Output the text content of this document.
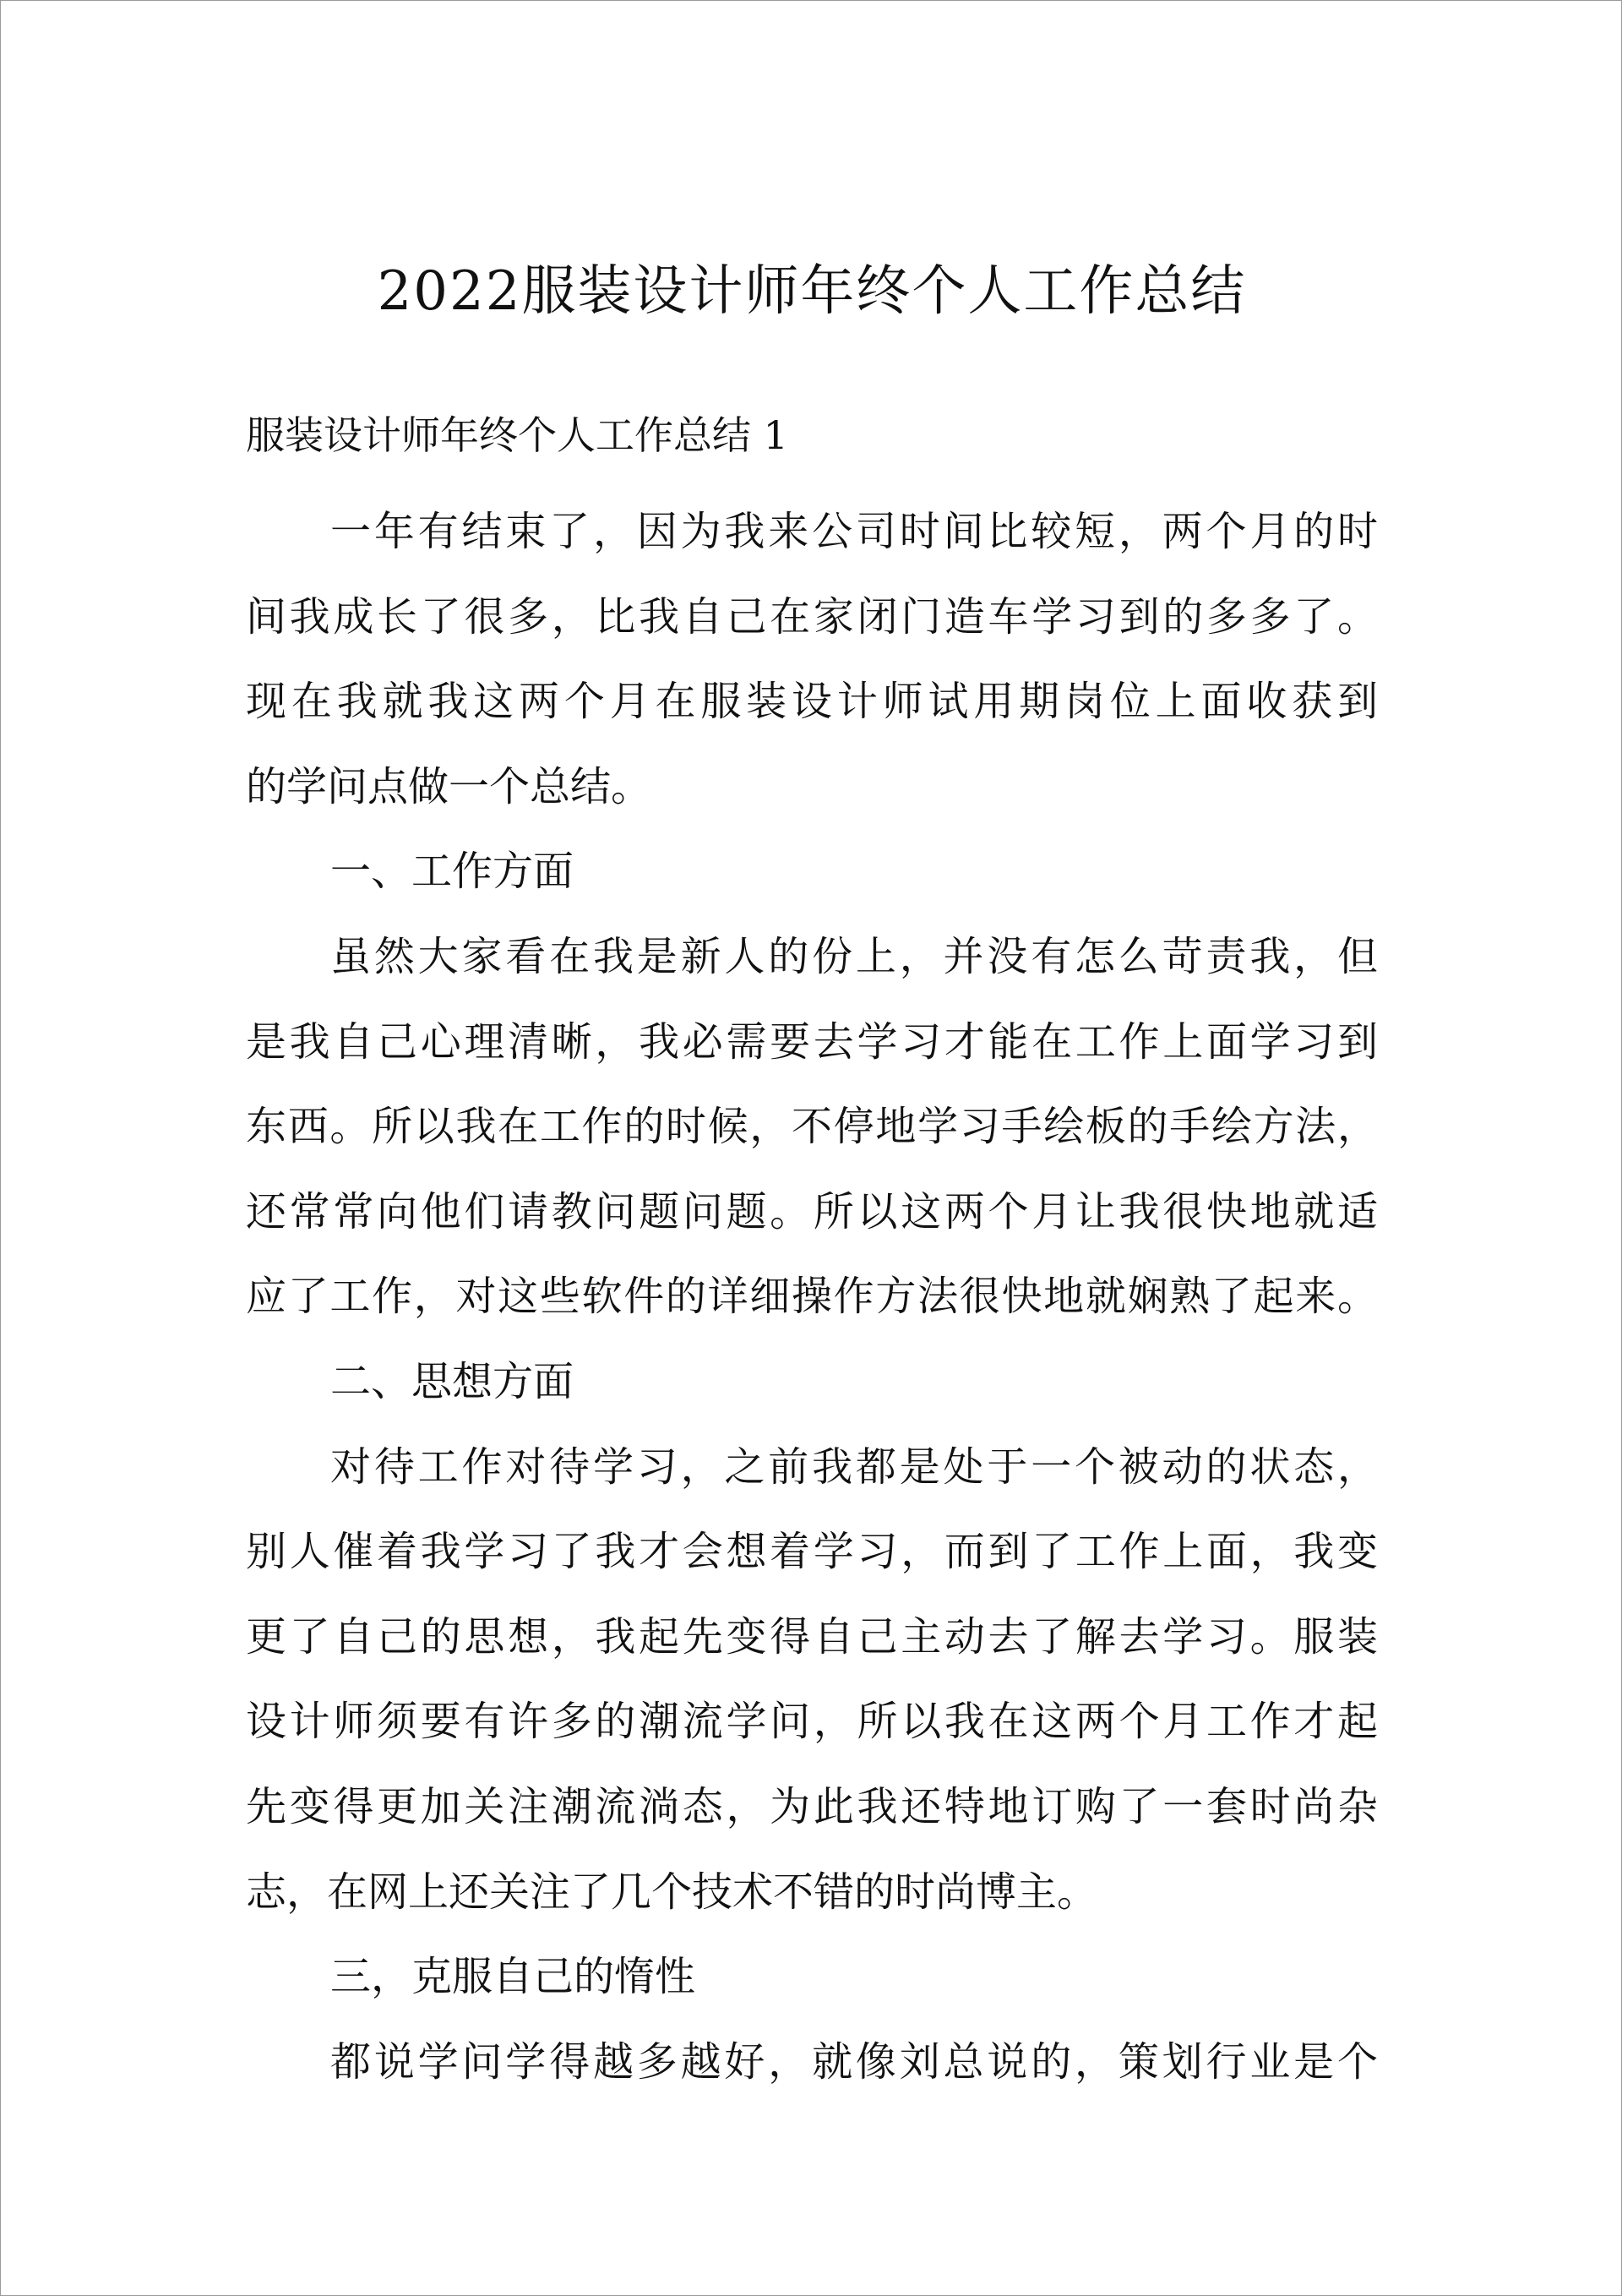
2022服装设计师年终个人工作总结
服装设计师年终个人工作总结 1
一年有结束了，因为我来公司时间比较短，两个月的时
间我成长了很多，比我自己在家闭门造车学习到的多多了。
现在我就我这两个月在服装设计师试用期岗位上面收获到
的学问点做一个总结。
一、工作方面
虽然大家看在我是新人的份上，并没有怎么苛责我，但
是我自己心理清晰，我必需要去学习才能在工作上面学习到
东西。所以我在工作的时候，不停地学习手绘板的手绘方法，
还常常向他们请教问题问题。所以这两个月让我很快地就适
应了工作，对这些软件的详细操作方法很快地就娴熟了起来。
二、思想方面
对待工作对待学习，之前我都是处于一个被动的状态，
别人催着我学习了我才会想着学习，而到了工作上面，我变
更了自己的思想，我起先变得自己主动去了解去学习。服装
设计师须要有许多的潮流学问，所以我在这两个月工作才起
先变得更加关注潮流淌态，为此我还特地订购了一套时尚杂
志，在网上还关注了几个技术不错的时尚博主。
三，克服自己的惰性
都说学问学得越多越好，就像刘总说的，策划行业是个
